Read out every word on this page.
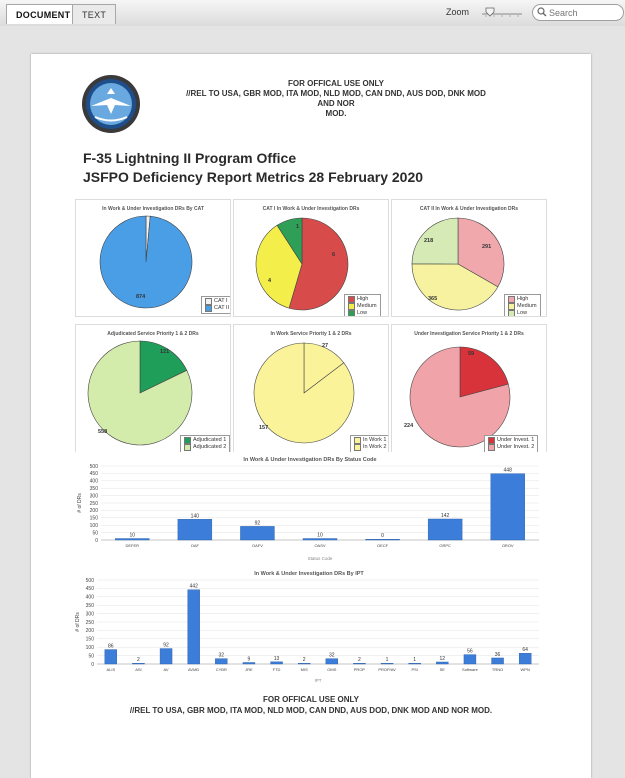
DOCUMENT	TEXT	Zoom
Search
FOR OFFICAL USE ONLY
//REL TO USA, GBR MOD, ITA MOD, NLD MOD, CAN DND, AUS DOD, DNK MOD AND NOR
MOD.
F-35 Lightning II Program Office
JSFPO Deficiency Report Metrics 28 February 2020
In Work & Under Investigation DRs By CAT
874
CAT I
CAT II
CAT I In Work & Under Investigation DRs
6
4
1
High
Medium
Low
CAT II In Work & Under Investigation DRs
291
365
218
High
Medium
Low
Adjudicated Service Priority 1 & 2 DRs
121
558
Adjudicated 1
Adjudicated 2
In Work Service Priority 1 & 2 DRs
27
157
In Work 1
In Work 2
Under Investigation Service Priority 1 & 2 DRs
59
224
Under Invest. 1
Under Invest. 2
In Work & Under Investigation DRs By Status Code
0
50
100
150
200
250
300
350
400
450
500
# of DRs
Status Code
10
DEFER
140
OAF
92
OAFV
10
OASV
0
OECF
142
ORPC
448
OROV
In Work & Under Investigation DRs By IPT
0
50
100
150
200
250
300
350
400
450
500
# of DRs
IPT
86
ALIS
2
ASI
92
AV
442
AVMD
32
CYBR
9
JRE
13
FTD
2
MIS
32
OMS
2
PROP
1
PROP/AV
1
PSI
12
SE
56
Software
36
TRNG
64
WPN
FOR OFFICAL USE ONLY
//REL TO USA, GBR MOD, ITA MOD, NLD MOD, CAN DND, AUS DOD, DNK MOD AND NOR MOD.
